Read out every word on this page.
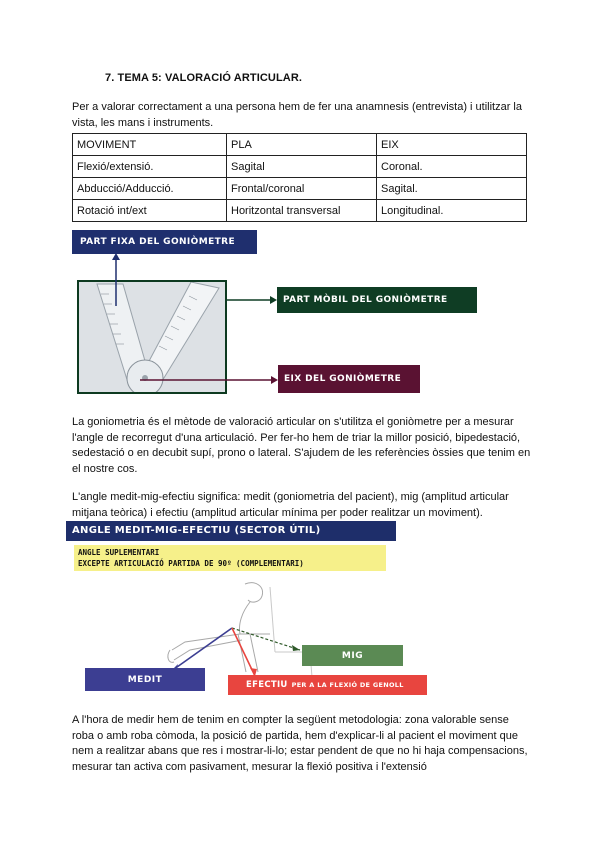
7. TEMA 5: VALORACIÓ ARTICULAR.
Per a valorar correctament a una persona hem de fer una anamnesis (entrevista) i utilitzar la vista, les mans i instruments.
MOVIMENT	PLA	EIX
Flexió/extensió.	Sagital	Coronal.
Abducció/Adducció.	Frontal/coronal	Sagital.
Rotació int/ext	Horitzontal transversal	Longitudinal.
PART FIXA DEL GONIÒMETRE
PART MÒBIL DEL GONIÒMETRE
EIX DEL GONIÒMETRE
La goniometria és el mètode de valoració articular on s'utilitza el goniòmetre per a mesurar l'angle de recorregut d'una articulació. Per fer-ho hem de triar la millor posició, bipedestació, sedestació o en decubit supí, prono o lateral. S'ajudem de les referències òssies que tenim en el nostre cos.
L'angle medit-mig-efectiu significa: medit (goniometria del pacient), mig (amplitud articular mitjana teòrica) i efectiu (amplitud articular mínima per poder realitzar un moviment).
ANGLE MEDIT-MIG-EFECTIU (SECTOR ÚTIL)
ANGLE SUPLEMENTARI
EXCEPTE ARTICULACIÓ PARTIDA DE 90º (COMPLEMENTARI)
MIG
MEDIT
EFECTIU PER A LA FLEXIÓ DE GENOLL
A l'hora de medir hem de tenim en compter la següent metodologia: zona valorable sense roba o amb roba còmoda, la posició de partida, hem d'explicar-li al pacient el moviment que nem a realitzar abans que res i mostrar-li-lo; estar pendent de que no hi haja compensacions, mesurar tan activa com pasivament, mesurar la flexió positiva i l'extensió
